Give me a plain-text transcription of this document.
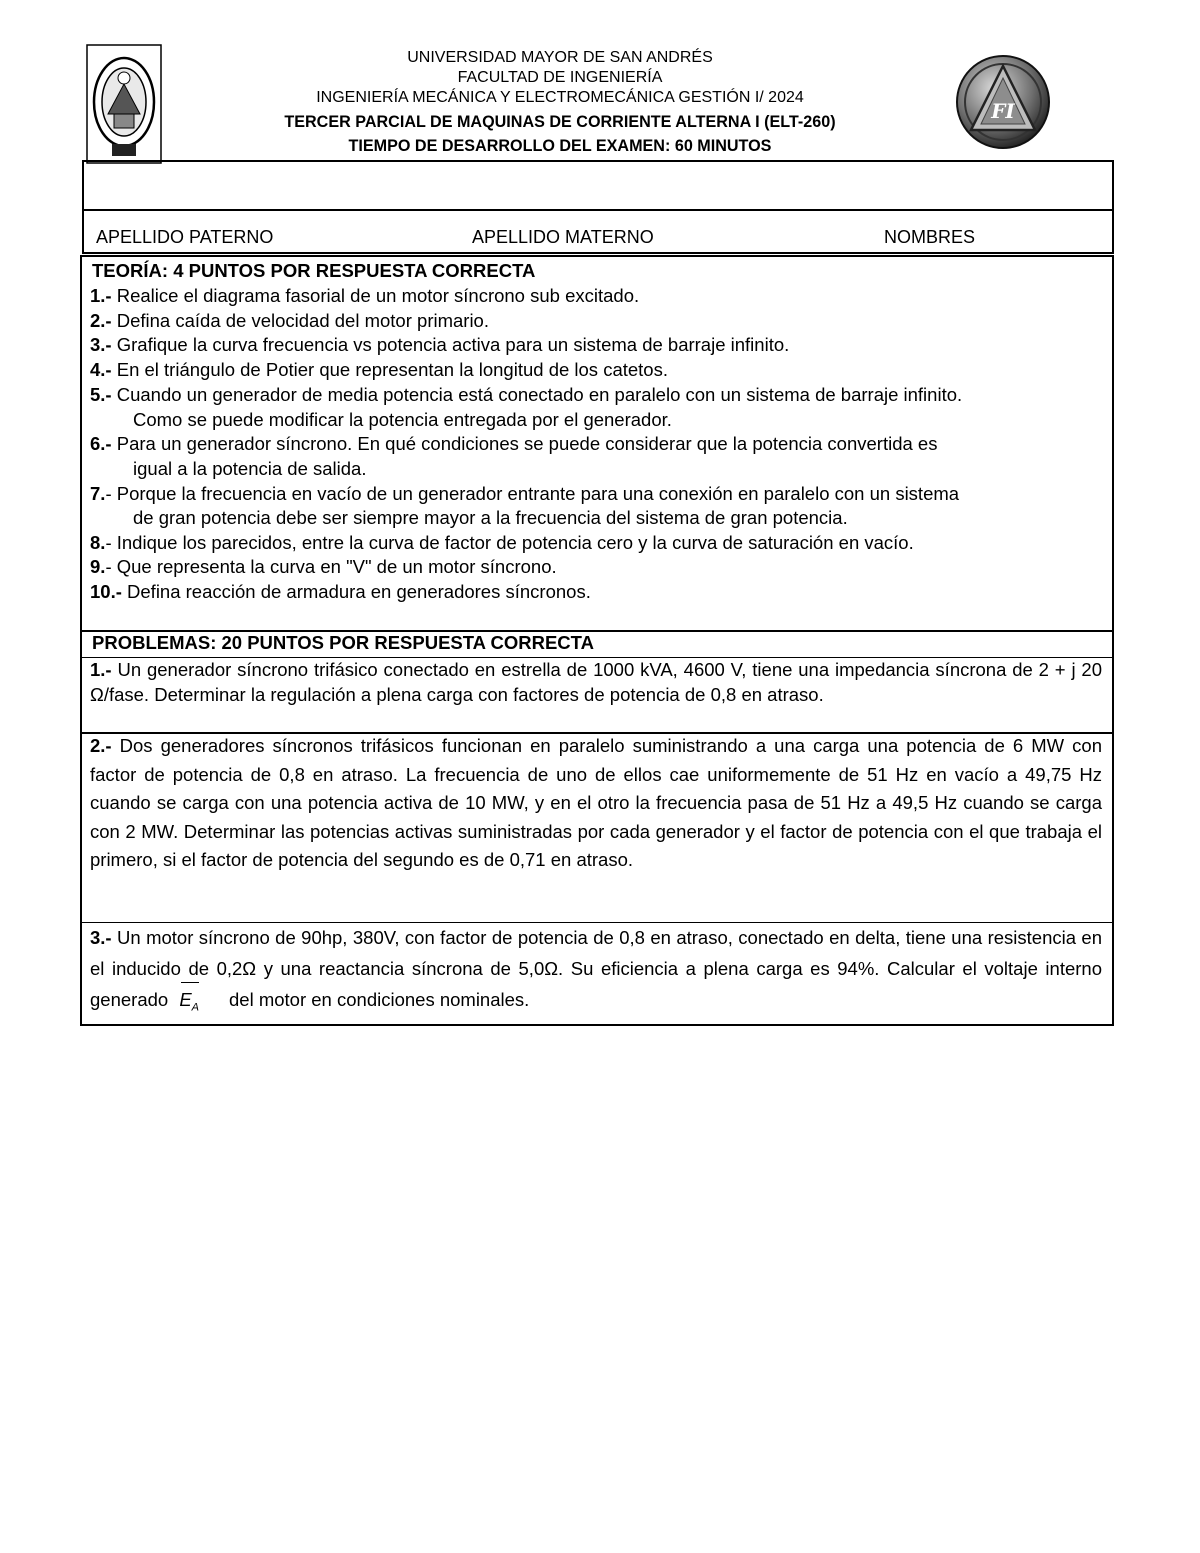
FI
UNIVERSIDAD MAYOR DE SAN ANDRÉS
FACULTAD DE INGENIERÍA
INGENIERÍA MECÁNICA Y ELECTROMECÁNICA GESTIÓN I/ 2024
TERCER PARCIAL DE MAQUINAS DE CORRIENTE ALTERNA I (ELT-260)
TIEMPO DE DESARROLLO DEL EXAMEN: 60 MINUTOS
APELLIDO PATERNO	APELLIDO MATERNO	NOMBRES
TEORÍA: 4 PUNTOS POR RESPUESTA CORRECTA
1.- Realice el diagrama fasorial de un motor síncrono sub excitado.
2.- Defina caída de velocidad del motor primario.
3.- Grafique la curva frecuencia vs potencia activa para un sistema de barraje infinito.
4.- En el triángulo de Potier que representan la longitud de los catetos.
5.- Cuando un generador de media potencia está conectado en paralelo con un sistema de barraje infinito.
Como se puede modificar la potencia entregada por el generador.
6.- Para un generador síncrono. En qué condiciones se puede considerar que la potencia convertida es
igual a la potencia de salida.
7.- Porque la frecuencia en vacío de un generador entrante para una conexión en paralelo con un sistema
de gran potencia debe ser siempre mayor a la frecuencia del sistema de gran potencia.
8.- Indique los parecidos, entre la curva de factor de potencia cero y la curva de saturación en vacío.
9.- Que representa la curva en "V" de un motor síncrono.
10.- Defina reacción de armadura en generadores síncronos.
PROBLEMAS: 20 PUNTOS POR RESPUESTA CORRECTA
1.- Un generador síncrono trifásico conectado en estrella de 1000 kVA, 4600 V, tiene una impedancia síncrona de 2 + j 20 Ω/fase. Determinar la regulación a plena carga con factores de potencia de 0,8 en atraso.
2.- Dos generadores síncronos trifásicos funcionan en paralelo suministrando a una carga una potencia de 6 MW con factor de potencia de 0,8 en atraso. La frecuencia de uno de ellos cae uniformemente de 51 Hz en vacío a 49,75 Hz cuando se carga con una potencia activa de 10 MW, y en el otro la frecuencia pasa de 51 Hz a 49,5 Hz cuando se carga con 2 MW. Determinar las potencias activas suministradas por cada generador y el factor de potencia con el que trabaja el primero, si el factor de potencia del segundo es de 0,71 en atraso.
3.- Un motor síncrono de 90hp, 380V, con factor de potencia de 0,8 en atraso, conectado en delta, tiene una resistencia en el inducido de 0,2Ω y una reactancia síncrona de 5,0Ω. Su eficiencia a plena carga es 94%. Calcular el voltaje interno generado $E_A$ del motor en condiciones nominales.
